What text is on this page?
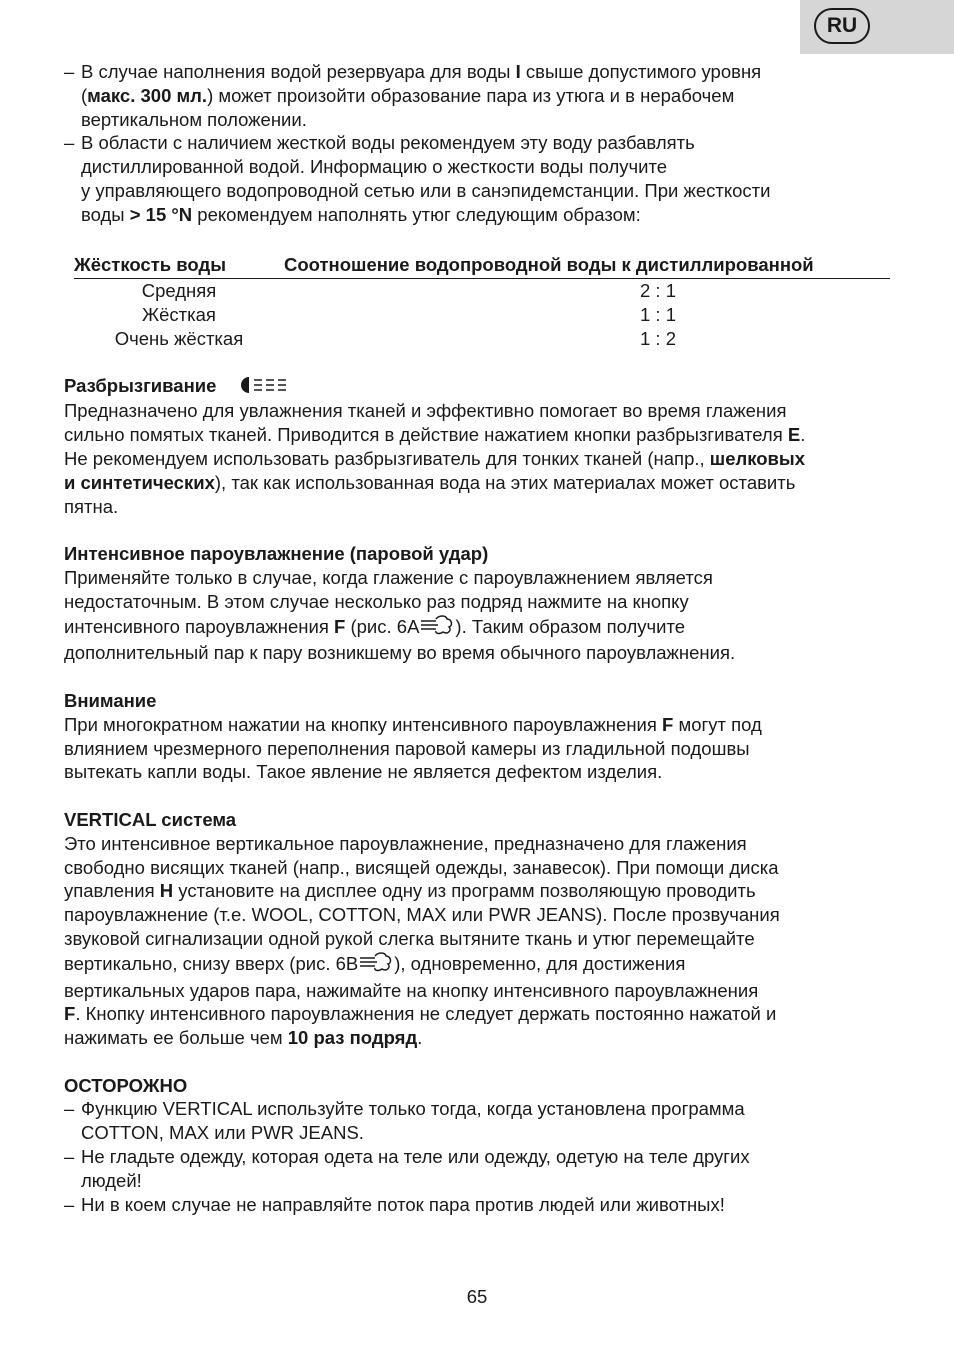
RU
– В случае наполнения водой резервуара для воды I свыше допустимого уровня

(макс. 300 мл.) может произойти образование пара из утюга и в нерабочем

вертикальном положении.

– В области с наличием жесткой воды рекомендуем эту воду разбавлять

дистиллированной водой. Информацию о жесткости воды получите

у управляющего водопроводной сетью или в санэпидемстанции. При жесткости

воды > 15 °N рекомендуем наполнять утюг следующим образом:

Жёсткость воды	Соотношение водопроводной воды к дистиллированной
Средняя	2 : 1
Жёсткая	1 : 1
Очень жёсткая	1 : 2

Разбрызгивание

Предназначено для увлажнения тканей и эффективно помогает во время глажения

сильно помятых тканей. Приводится в действие нажатием кнопки разбрызгивателя E.

Не рекомендуем использовать разбрызгиватель для тонких тканей (напр., шелковых

и синтетических), так как использованная вода на этих материалах может оставить

пятна.

Интенсивное пароувлажнение (паровой удар)

Применяйте только в случае, когда глажение с пароувлажнением является

недостаточным. В этом случае несколько раз подряд нажмите на кнопку

интенсивного пароувлажнения F (рис. 6A ). Таким образом получите

дополнительный пар к пару возникшему во время обычного пароувлажнения.

Внимание

При многократном нажатии на кнопку интенсивного пароувлажнения F могут под

влиянием чрезмерного переполнения паровой камеры из гладильной подошвы

вытекать капли воды. Такое явление не является дефектом изделия.

VERTICAL система

Это интенсивное вертикальное пароувлажнение, предназначено для глажения

свободно висящих тканей (напр., висящей одежды, занавесок). При помощи диска

упавления H установите на дисплее одну из программ позволяющую проводить

пароувлажнение (т.е. WOOL, COTTON, MAX или PWR JEANS). После прозвучания

звуковой сигнализации одной рукой слегка вытяните ткань и утюг перемещайте

вертикально, снизу вверх (рис. 6B ), одновременно, для достижения

вертикальных ударов пара, нажимайте на кнопку интенсивного пароувлажнения

F. Кнопку интенсивного пароувлажнения не следует держать постоянно нажатой и

нажимать ее больше чем 10 раз подряд.

ОСТОРОЖНО

– Функцию VERTICAL используйте только тогда, когда установлена программа

COTTON, MAX или PWR JEANS.

– Не гладьте одежду, которая одета на теле или одежду, одетую на теле других

людей!

– Ни в коем случае не направляйте поток пара против людей или животных!

65
